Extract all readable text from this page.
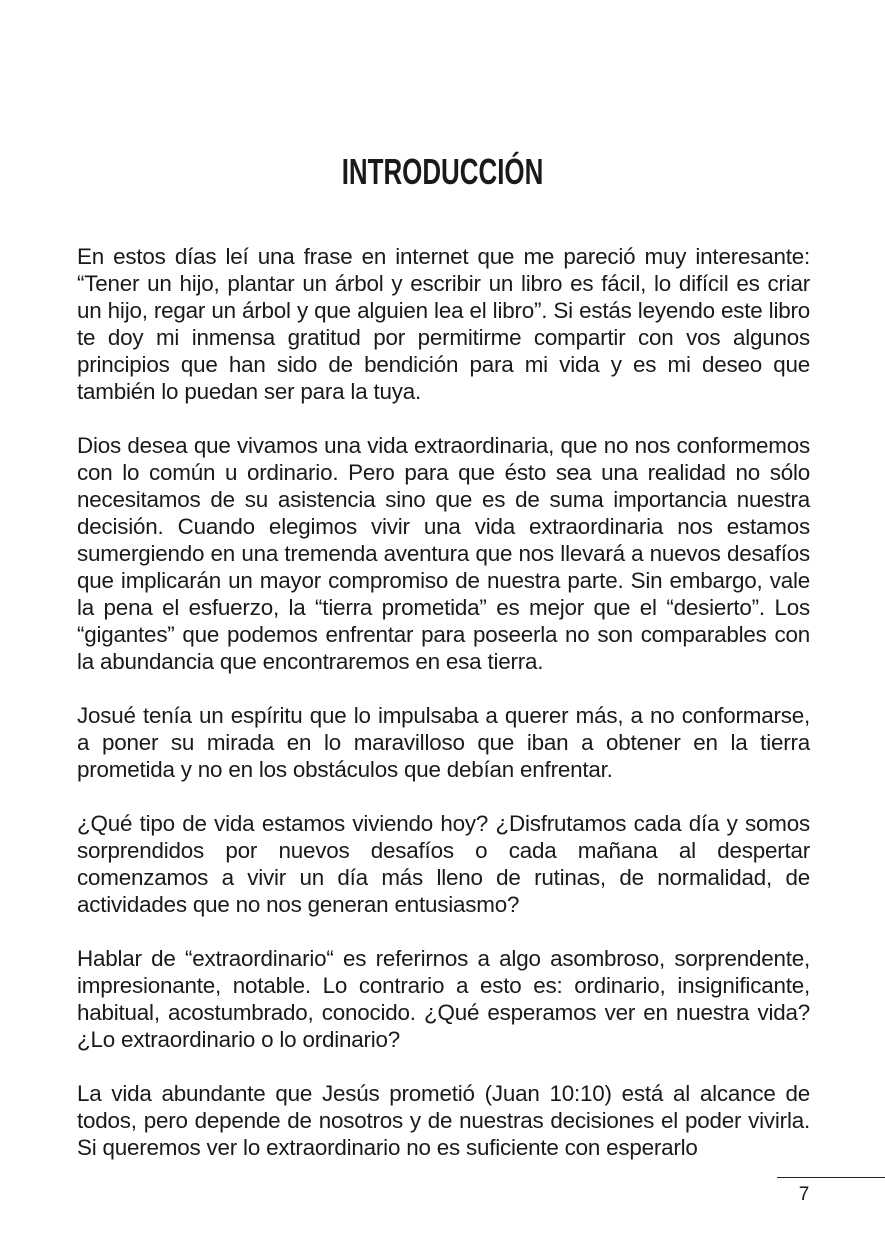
INTRODUCCIÓN

En estos días leí una frase en internet que me pareció muy interesante: “Tener un hijo, plantar un árbol y escribir un libro es fácil, lo difícil es criar un hijo, regar un árbol y que alguien lea el libro”. Si estás leyendo este libro te doy mi inmensa gratitud por permitirme compartir con vos algunos principios que han sido de bendición para mi vida y es mi deseo que también lo puedan ser para la tuya.

Dios desea que vivamos una vida extraordinaria, que no nos conformemos con lo común u ordinario. Pero para que ésto sea una realidad no sólo necesitamos de su asistencia sino que es de suma importancia nuestra decisión. Cuando elegimos vivir una vida extraordinaria nos estamos sumergiendo en una tremenda aventura que nos llevará a nuevos desafíos que implicarán un mayor compromiso de nuestra parte. Sin embargo, vale la pena el esfuerzo, la “tierra prometida” es mejor que el “desierto”. Los “gigantes” que podemos enfrentar para poseerla no son comparables con la abundancia que encontraremos en esa tierra.

Josué tenía un espíritu que lo impulsaba a querer más, a no conformarse, a poner su mirada en lo maravilloso que iban a obtener en la tierra prometida y no en los obstáculos que debían enfrentar.

¿Qué tipo de vida estamos viviendo hoy? ¿Disfrutamos cada día y somos sorprendidos por nuevos desafíos o cada mañana al despertar comenzamos a vivir un día más lleno de rutinas, de normalidad, de actividades que no nos generan entusiasmo?

Hablar de “extraordinario“ es referirnos a algo asombroso, sorprendente, impresionante, notable. Lo contrario a esto es: ordinario, insignificante, habitual, acostumbrado, conocido. ¿Qué esperamos ver en nuestra vida? ¿Lo extraordinario o lo ordinario?

La vida abundante que Jesús prometió (Juan 10:10) está al alcance de todos, pero depende de nosotros y de nuestras decisiones el poder vivirla. Si queremos ver lo extraordinario no es suficiente con esperarlo

7
